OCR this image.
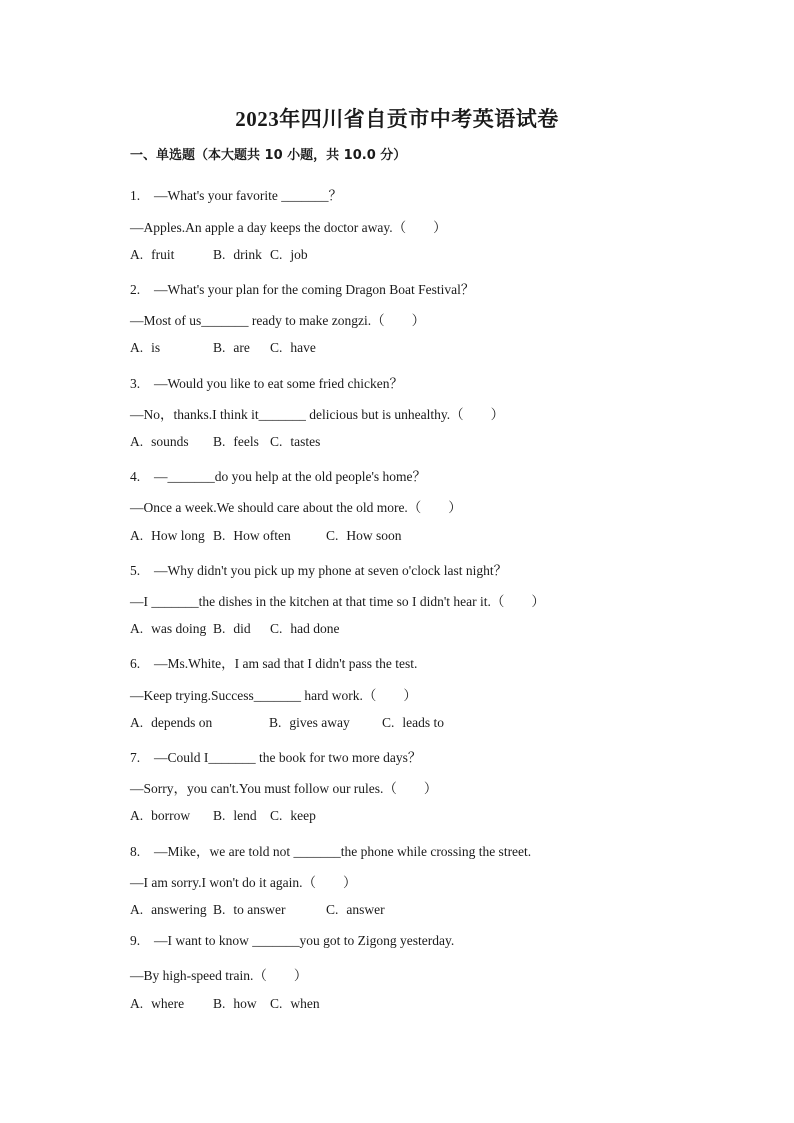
2023年四川省自贡市中考英语试卷
一、单选题（本大题共 10 小题，共 10.0 分）
1. —What's your favorite _______？
—Apples.An apple a day keeps the doctor away.（　　）
A. fruit	B. drink C. job
2. —What's your plan for the coming Dragon Boat Festival？
—Most of us_______ ready to make zongzi.（　　）
A. is	B. are C. have
3. —Would you like to eat some fried chicken？
—No，thanks.I think it_______ delicious but is unhealthy.（　　）
A. sounds B. feels C. tastes
4. —_______do you help at the old people's home？
—Once a week.We should care about the old more.（　　）
A. How long B. How often	C. How soon
5. —Why didn't you pick up my phone at seven o'clock last night？
—I _______the dishes in the kitchen at that time so I didn't hear it.（　　）
A. was doing B. did C. had done
6. —Ms.White，I am sad that I didn't pass the test.
—Keep trying.Success_______ hard work.（　　）
A. depends on	B. gives away C. leads to
7. —Could I_______ the book for two more days？
—Sorry，you can't.You must follow our rules.（　　）
A. borrow B. lend C. keep
8. —Mike，we are told not _______the phone while crossing the street.
—I am sorry.I won't do it again.（　　）
A. answering B. to answer	C. answer
9. —I want to know _______you got to Zigong yesterday.
—By high-speed train.（　　）
A. where B. how C. when
